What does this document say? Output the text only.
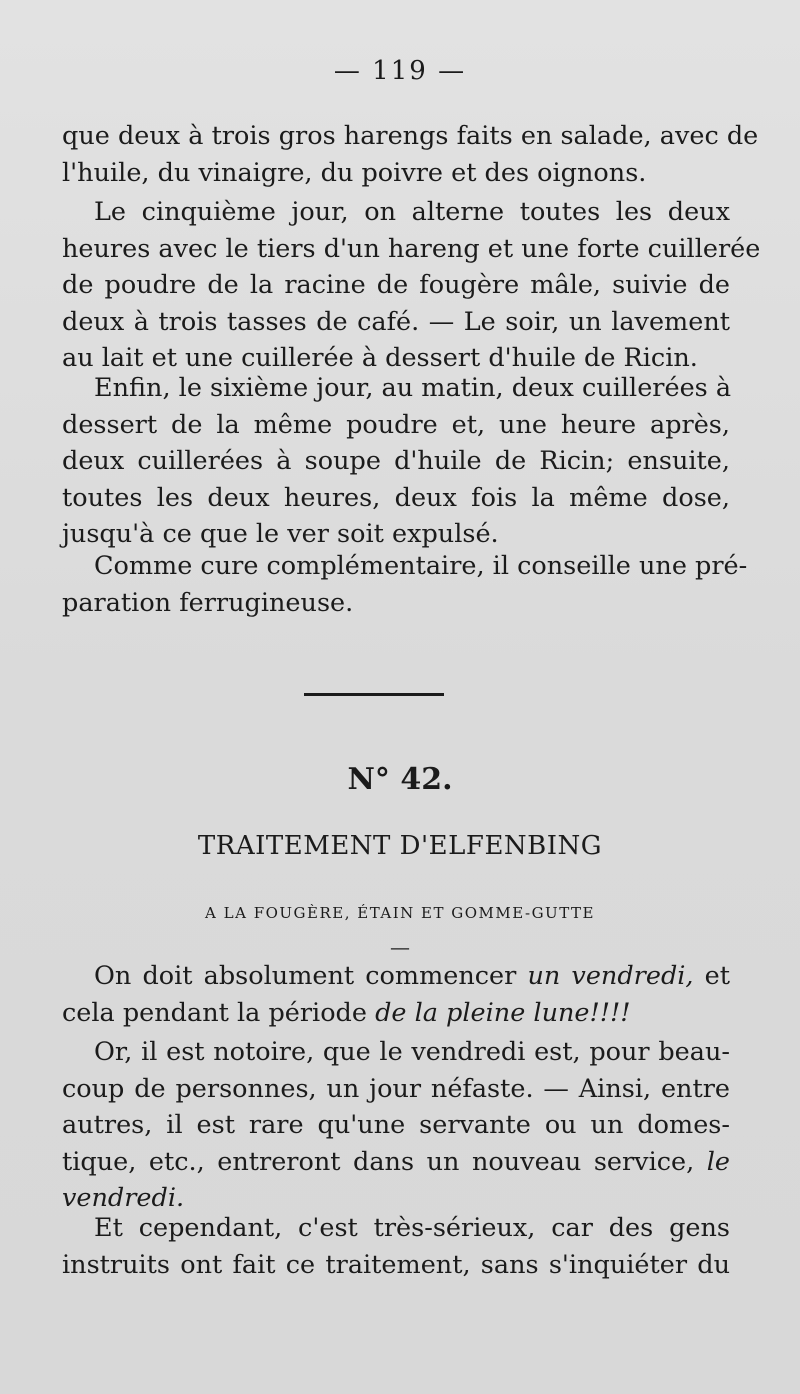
— 119 —
que deux à trois gros harengs faits en salade, avec de
l'huile, du vinaigre, du poivre et des oignons.
Le cinquième jour, on alterne toutes les deux
heures avec le tiers d'un hareng et une forte cuillerée
de poudre de la racine de fougère mâle, suivie de
deux à trois tasses de café. — Le soir, un lavement
au lait et une cuillerée à dessert d'huile de Ricin.
Enfin, le sixième jour, au matin, deux cuillerées à
dessert de la même poudre et, une heure après,
deux cuillerées à soupe d'huile de Ricin; ensuite,
toutes les deux heures, deux fois la même dose,
jusqu'à ce que le ver soit expulsé.
Comme cure complémentaire, il conseille une pré-
paration ferrugineuse.
N° 42.
TRAITEMENT D'ELFENBING
A LA FOUGÈRE, ÉTAIN ET GOMME-GUTTE
—
On doit absolument commencer un vendredi, et
cela pendant la période de la pleine lune!!!!
Or, il est notoire, que le vendredi est, pour beau-
coup de personnes, un jour néfaste. — Ainsi, entre
autres, il est rare qu'une servante ou un domes-
tique, etc., entreront dans un nouveau service, le
vendredi.
Et cependant, c'est très-sérieux, car des gens
instruits ont fait ce traitement, sans s'inquiéter du
